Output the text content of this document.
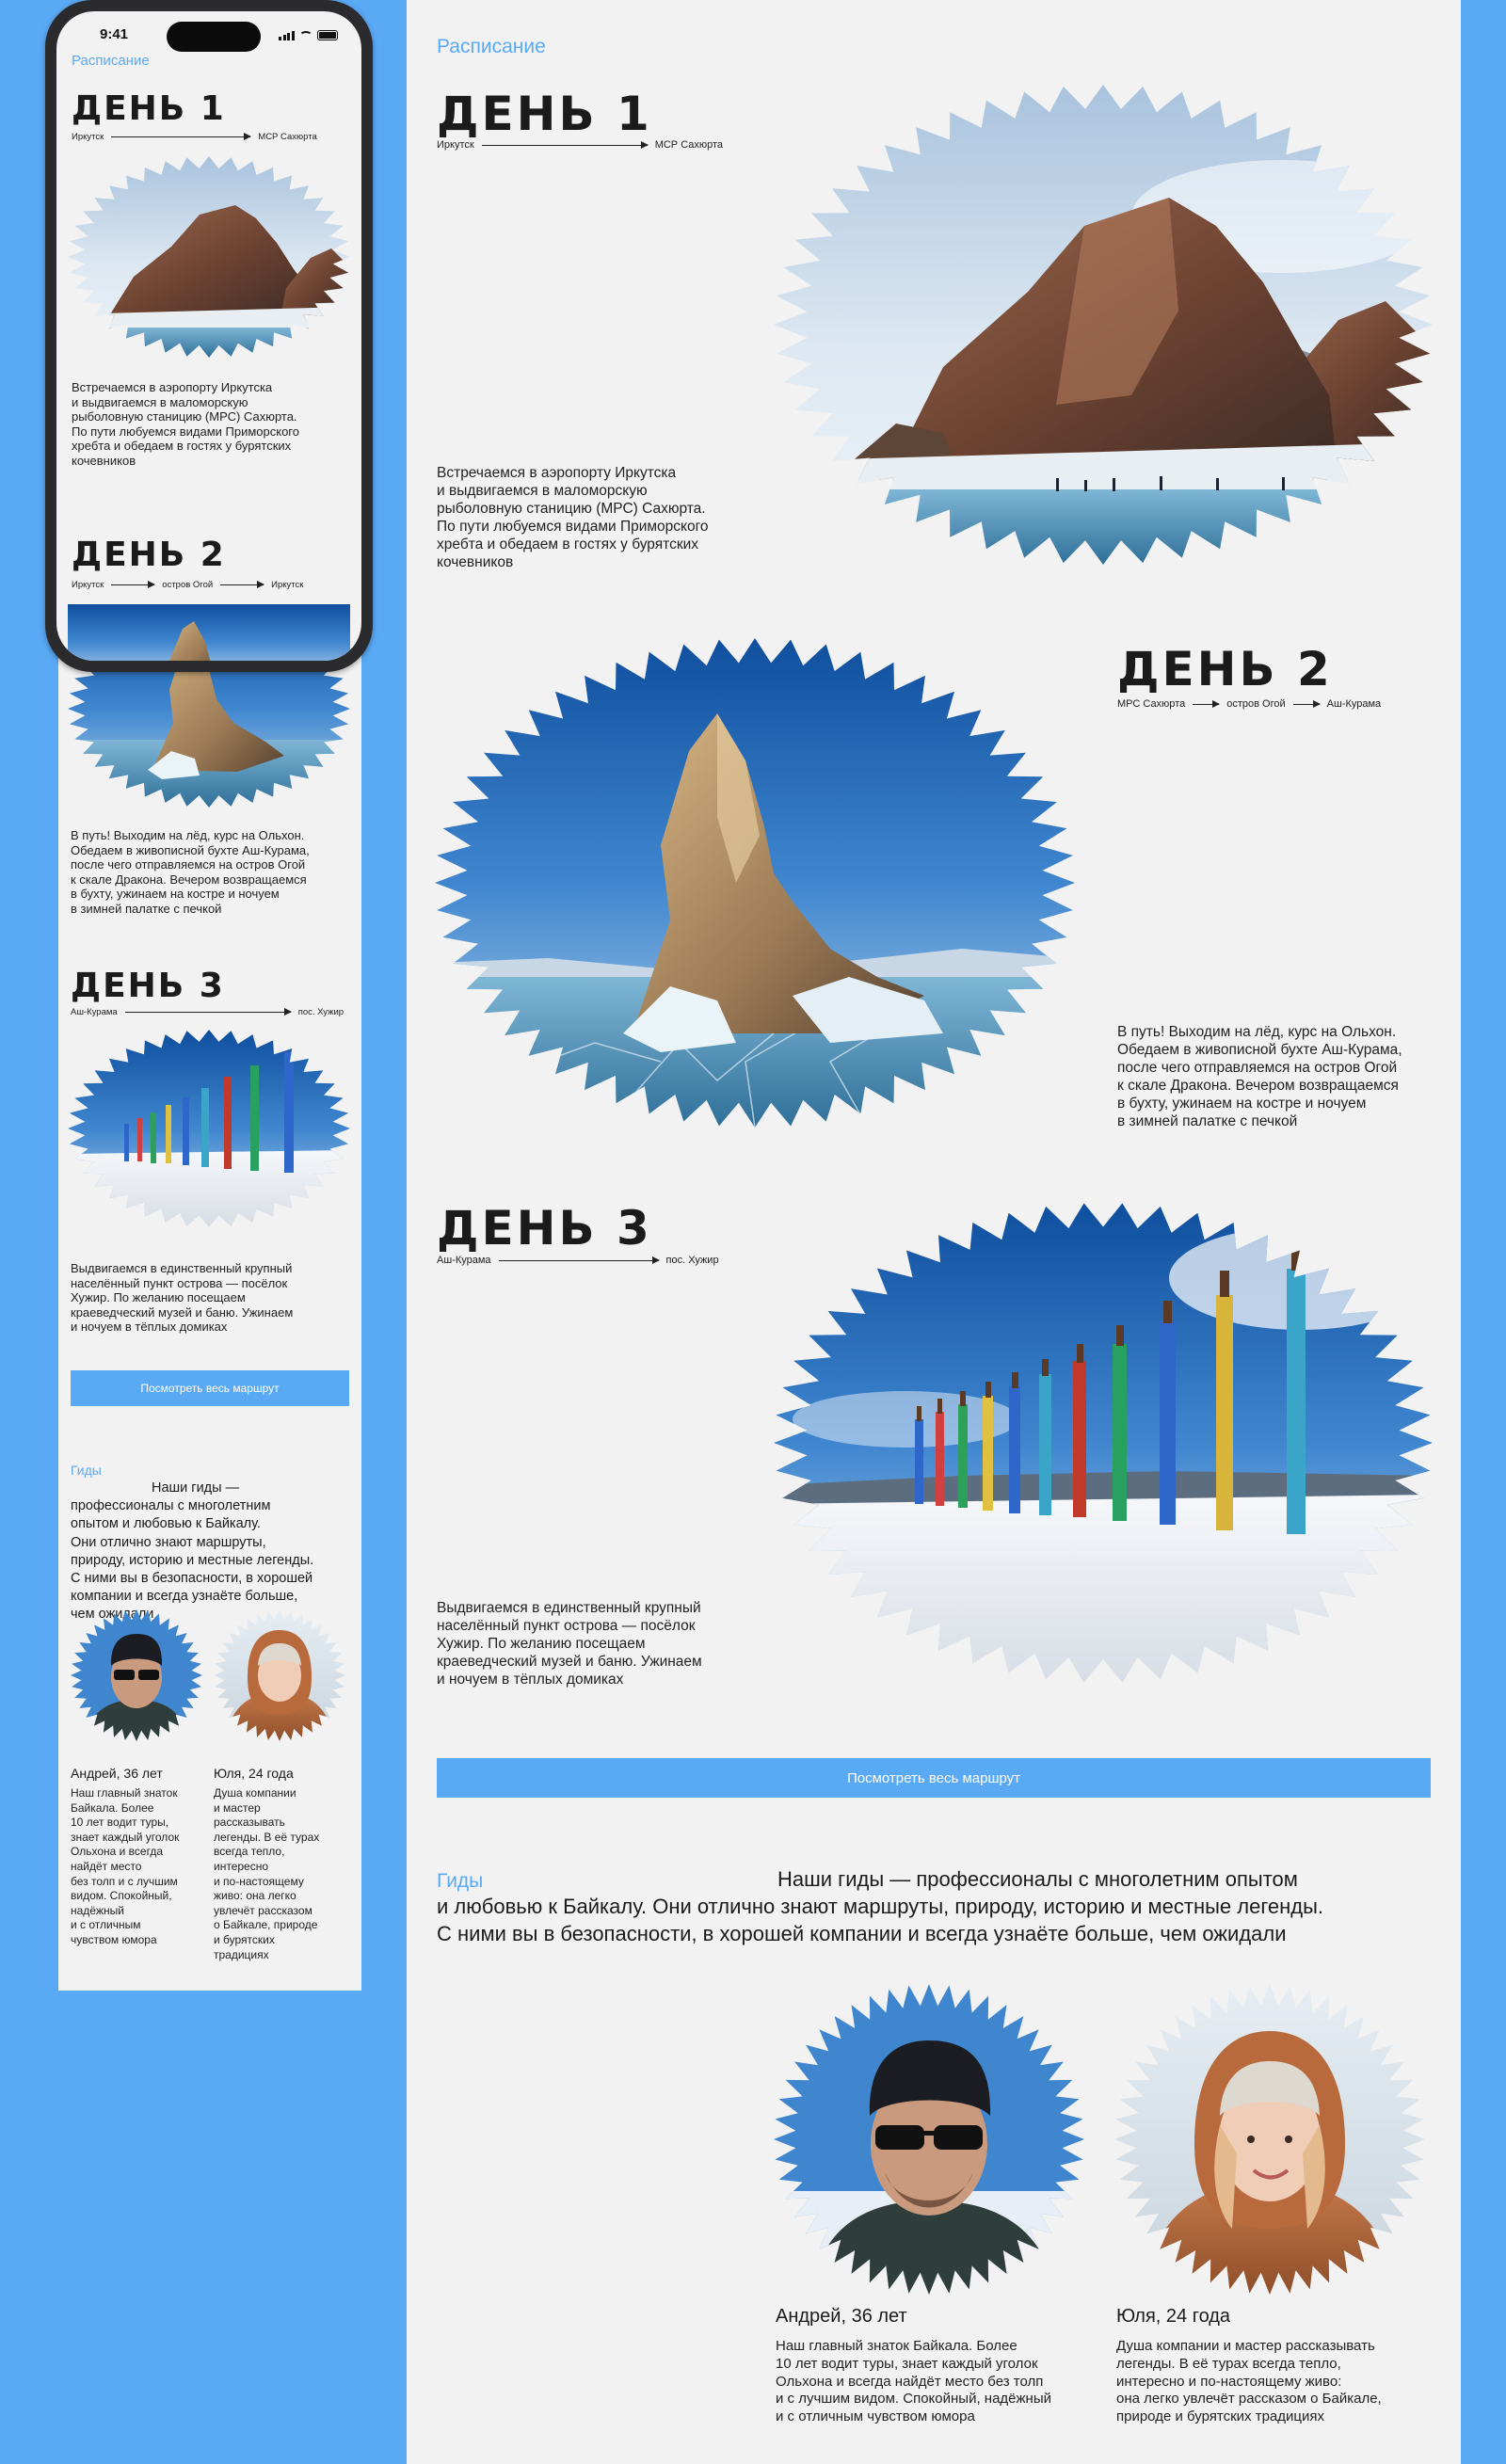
Расписание
ДЕНЬ 1
Иркутск	МСР Сахюрта
Встречаемся в аэропорту Иркутска
и выдвигаемся в маломорскую
рыболовную станицию (МРС) Сахюрта.
По пути любуемся видами Приморского
хребта и обедаем в гостях у бурятских
кочевников
ДЕНЬ 2
МРС Сахюрта	остров Огой	Аш-Курама
В путь! Выходим на лёд, курс на Ольхон.
Обедаем в живописной бухте Аш-Курама,
после чего отправляемся на остров Огой
к скале Дракона. Вечером возвращаемся
в бухту, ужинаем на костре и ночуем
в зимней палатке с печкой
ДЕНЬ 3
Аш-Курама	пос. Хужир
Выдвигаемся в единственный крупный
населённый пункт острова — посёлок
Хужир. По желанию посещаем
краеведческий музей и баню. Ужинаем
и ночуем в тёплых домиках
Посмотреть весь маршрут
Гиды	Наши гиды — профессионалы с многолетним опытом
и любовью к Байкалу. Они отлично знают маршруты, природу, историю и местные легенды.
С ними вы в безопасности, в хорошей компании и всегда узнаёте больше, чем ожидали
Андрей, 36 лет
Наш главный знаток Байкала. Более
10 лет водит туры, знает каждый уголок
Ольхона и всегда найдёт место без толп
и с лучшим видом. Спокойный, надёжный
и с отличным чувством юмора
Юля, 24 года
Душа компании и мастер рассказывать
легенды. В её турах всегда тепло,
интересно и по-настоящему живо:
она легко увлечёт рассказом о Байкале,
природе и бурятских традициях
В путь! Выходим на лёд, курс на Ольхон.
Обедаем в живописной бухте Аш-Курама,
после чего отправляемся на остров Огой
к скале Дракона. Вечером возвращаемся
в бухту, ужинаем на костре и ночуем
в зимней палатке с печкой
ДЕНЬ 3
Аш-Курама	пос. Хужир
Выдвигаемся в единственный крупный
населённый пункт острова — посёлок
Хужир. По желанию посещаем
краеведческий музей и баню. Ужинаем
и ночуем в тёплых домиках
Посмотреть весь маршрут
Гиды

Наши гиды —
профессионалы с многолетним
опытом и любовью к Байкалу.
Они отлично знают маршруты,
природу, историю и местные легенды.
С ними вы в безопасности, в хорошей
компании и всегда узнаёте больше,
чем

Андрей, 36 лет
Наш главный знаток
Байкала. Более
10 лет водит туры,
знает каждый уголок
Ольхона и всегда
найдёт место
без толп и с лучшим
видом. Спокойный,
надёжный
и с отличным
чувством юмора
Юля, 24 года
Душа компании
и мастер
рассказывать
легенды. В её турах
всегда тепло,
интересно
и по-настоящему
живо: она легко
увлечёт рассказом
о Байкале, природе
и бурятских
традициях
9:41
Расписание
ДЕНЬ 1
Иркутск	МСР Сахюрта
Встречаемся в аэропорту Иркутска
и выдвигаемся в маломорскую
рыболовную станицию (МРС) Сахюрта.
По пути любуемся видами Приморского
хребта и обедаем в гостях у бурятских
кочевников
ДЕНЬ 2
Иркутск	остров Огой	Иркутск
